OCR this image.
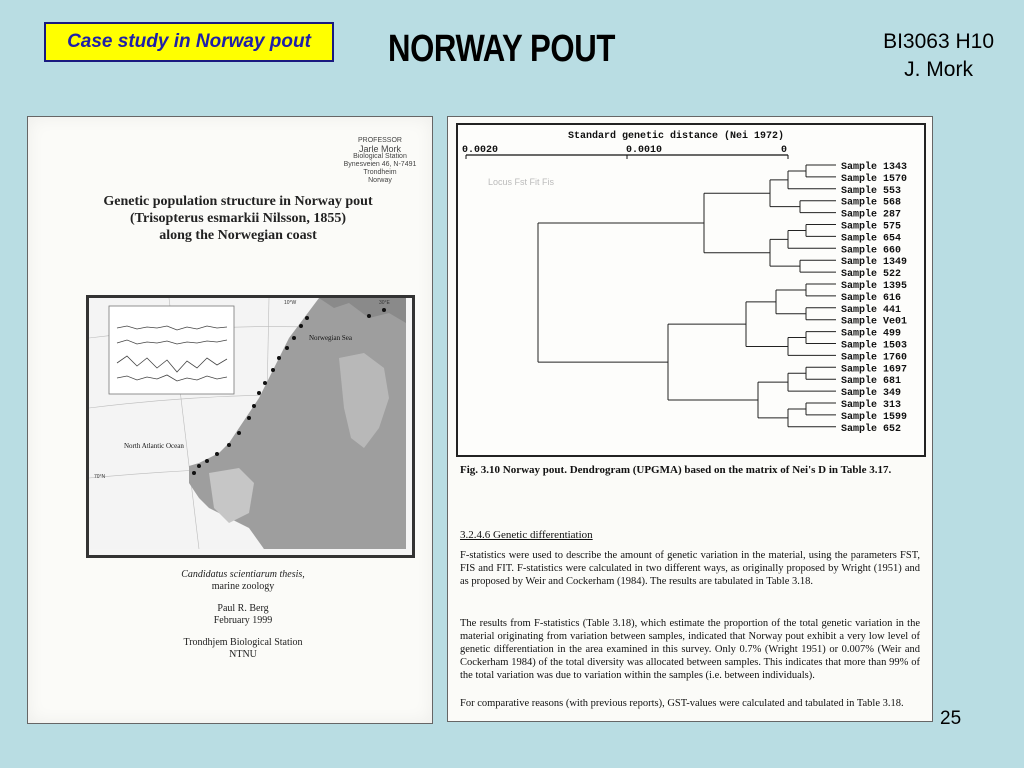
Case study in Norway pout NORWAY POUT	BI3063 H10
J. Mork
PROFESSOR
Jarle Mork
Biological Station
Bynesveien 46, N-7491 Trondheim
Norway
Genetic population structure in Norway pout
(Trisopterus esmarkii Nilsson, 1855)
along the Norwegian coast
Norwegian Sea
North Atlantic Ocean
10°W	30°E
70°N
Candidatus scientiarum thesis,
marine zoology
Paul R. Berg
February 1999
Trondhjem Biological Station
NTNU
Standard genetic distance (Nei 1972)
0.0020	0.0010	0
Sample 1343
Sample 1570
Sample 553
Sample 568
Sample 287
Sample 575
Sample 654
Sample 660
Sample 1349
Sample 522
Sample 1395
Sample 616
Sample 441
Sample Ve01
Sample 499
Sample 1503
Sample 1760
Sample 1697
Sample 681
Sample 349
Sample 313
Sample 1599
Sample 652
Locus Fst Fit Fis
Fig. 3.10 Norway pout. Dendrogram (UPGMA) based on the matrix of Nei's D in Table 3.17.
3.2.4.6 Genetic differentiation

F-statistics were used to describe the amount of genetic variation in the material, using the parameters FST, FIS and FIT. F-statistics were calculated in two different ways, as originally proposed by Wright (1951) and as proposed by Weir and Cockerham (1984). The results are tabulated in Table 3.18.

The results from F-statistics (Table 3.18), which estimate the proportion of the total genetic variation in the material originating from variation between samples, indicated that Norway pout exhibit a very low level of genetic differentiation in the area examined in this survey. Only 0.7% (Wright 1951) or 0.007% (Weir and Cockerham 1984) of the total diversity was allocated between samples. This indicates that more than 99% of the total variation was due to variation within the samples (i.e. between individuals).

For comparative reasons (with previous reports), GST-values were calculated and tabulated in Table 3.18.

25
